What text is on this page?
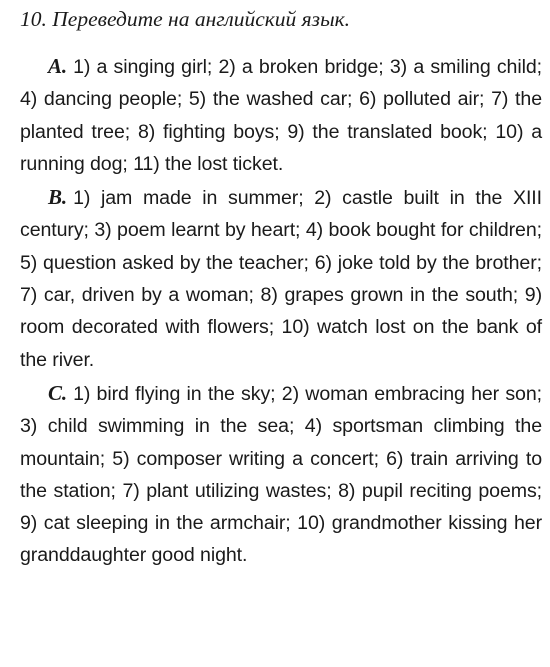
10. Переведите на английский язык.

A. 1) a singing girl; 2) a broken bridge; 3) a smiling child; 4) dancing people; 5) the washed car; 6) polluted air; 7) the planted tree; 8) fighting boys; 9) the translated book; 10) a running dog; 11) the lost ticket.

B. 1) jam made in summer; 2) castle built in the XIII century; 3) poem learnt by heart; 4) book bought for children; 5) question asked by the teacher; 6) joke told by the brother; 7) car, driven by a woman; 8) grapes grown in the south; 9) room decorated with flowers; 10) watch lost on the bank of the river.

C. 1) bird flying in the sky; 2) woman embracing her son; 3) child swimming in the sea; 4) sportsman climbing the mountain; 5) composer writing a concert; 6) train arriving to the station; 7) plant utilizing wastes; 8) pupil reciting poems; 9) cat sleeping in the armchair; 10) grandmother kissing her granddaughter good night.
